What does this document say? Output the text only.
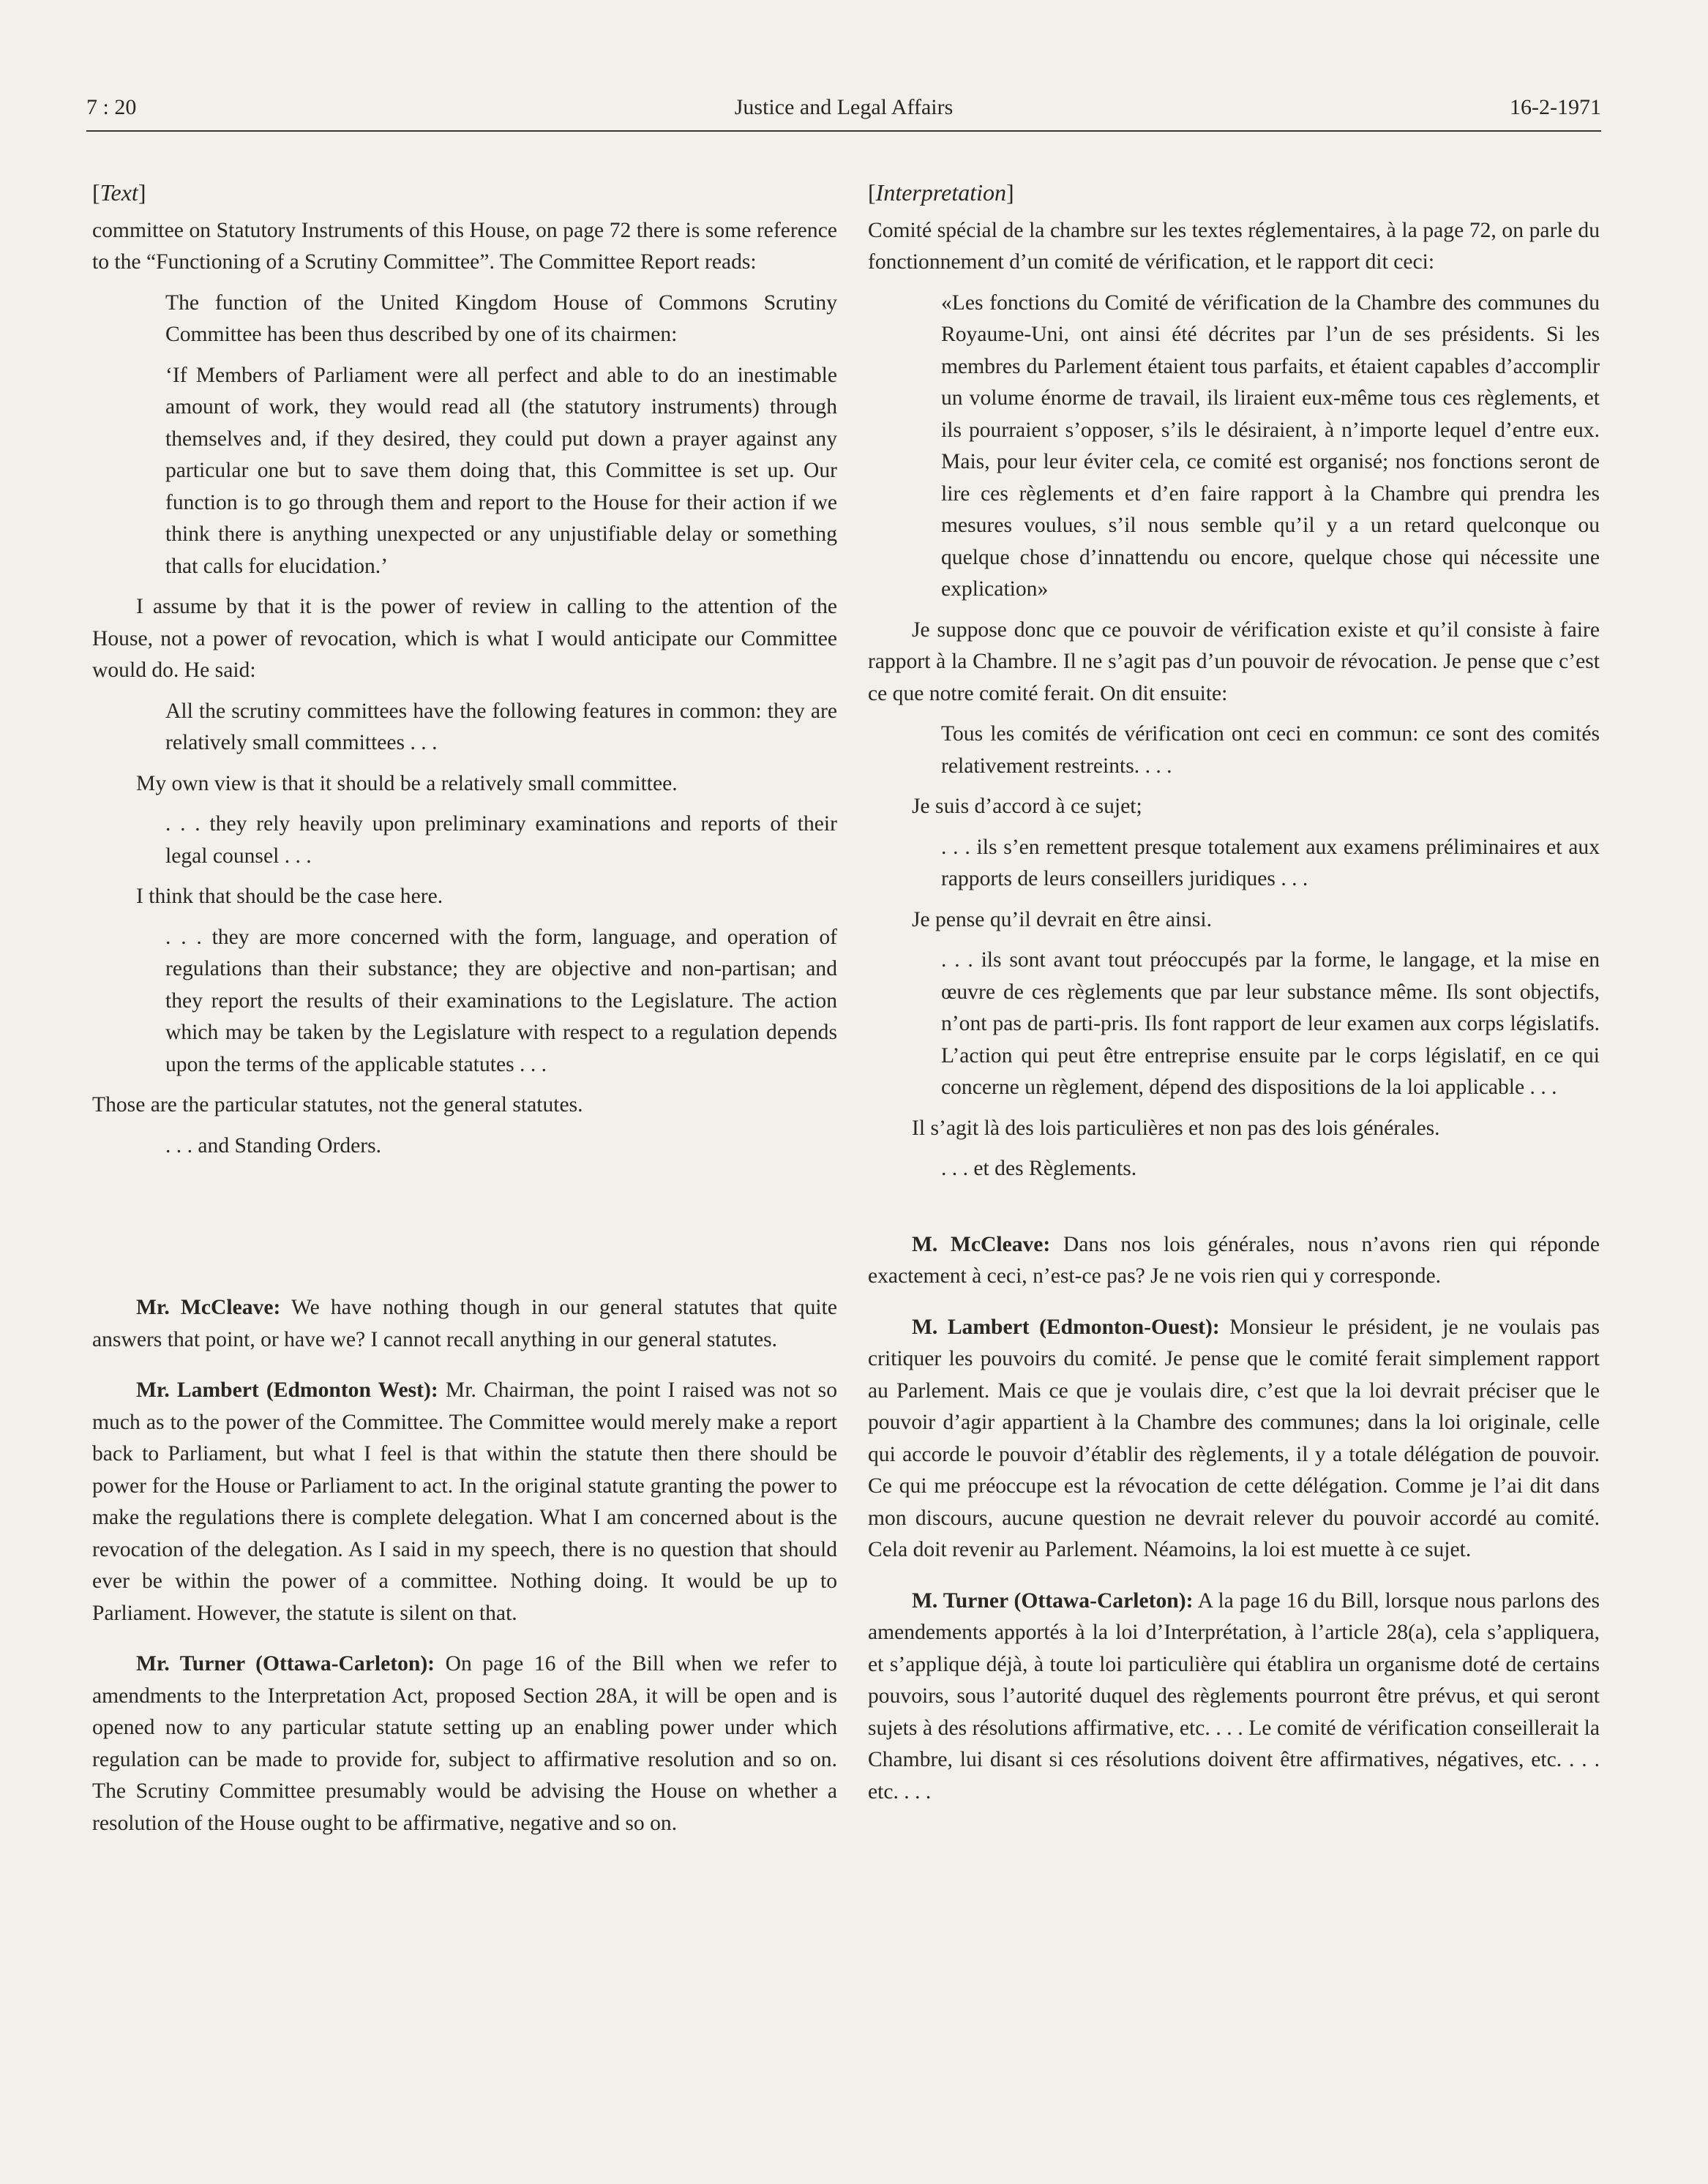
7 : 20	Justice and Legal Affairs	16-2-1971

[Text]

committee on Statutory Instruments of this House, on page 72 there is some reference to the “Functioning of a Scrutiny Committee”. The Committee Report reads:

The function of the United Kingdom House of Commons Scrutiny Committee has been thus described by one of its chairmen:

‘If Members of Parliament were all perfect and able to do an inestimable amount of work, they would read all (the statutory instruments) through themselves and, if they desired, they could put down a prayer against any particular one but to save them doing that, this Committee is set up. Our function is to go through them and report to the House for their action if we think there is anything unexpected or any unjustifiable delay or something that calls for elucidation.’

I assume by that it is the power of review in calling to the attention of the House, not a power of revocation, which is what I would anticipate our Committee would do. He said:

All the scrutiny committees have the following features in common: they are relatively small committees . . .

My own view is that it should be a relatively small committee.

. . . they rely heavily upon preliminary examinations and reports of their legal counsel . . .

I think that should be the case here.

. . . they are more concerned with the form, language, and operation of regulations than their substance; they are objective and non-partisan; and they report the results of their examinations to the Legislature. The action which may be taken by the Legislature with respect to a regulation depends upon the terms of the applicable statutes . . .

Those are the particular statutes, not the general statutes.

. . . and Standing Orders.

Mr. McCleave: We have nothing though in our general statutes that quite answers that point, or have we? I cannot recall anything in our general statutes.

Mr. Lambert (Edmonton West): Mr. Chairman, the point I raised was not so much as to the power of the Committee. The Committee would merely make a report back to Parliament, but what I feel is that within the statute then there should be power for the House or Parliament to act. In the original statute granting the power to make the regulations there is complete delegation. What I am concerned about is the revocation of the delegation. As I said in my speech, there is no question that should ever be within the power of a committee. Nothing doing. It would be up to Parliament. However, the statute is silent on that.

Mr. Turner (Ottawa-Carleton): On page 16 of the Bill when we refer to amendments to the Interpretation Act, proposed Section 28A, it will be open and is opened now to any particular statute setting up an enabling power under which regulation can be made to provide for, subject to affirmative resolution and so on. The Scrutiny Committee presumably would be advising the House on whether a resolution of the House ought to be affirmative, negative and so on.

[Interpretation]

Comité spécial de la chambre sur les textes réglementaires, à la page 72, on parle du fonctionnement d’un comité de vérification, et le rapport dit ceci:

«Les fonctions du Comité de vérification de la Chambre des communes du Royaume-Uni, ont ainsi été décrites par l’un de ses présidents. Si les membres du Parlement étaient tous parfaits, et étaient capables d’accomplir un volume énorme de travail, ils liraient eux-même tous ces règlements, et ils pourraient s’opposer, s’ils le désiraient, à n’importe lequel d’entre eux. Mais, pour leur éviter cela, ce comité est organisé; nos fonctions seront de lire ces règlements et d’en faire rapport à la Chambre qui prendra les mesures voulues, s’il nous semble qu’il y a un retard quelconque ou quelque chose d’innattendu ou encore, quelque chose qui nécessite une explication»

Je suppose donc que ce pouvoir de vérification existe et qu’il consiste à faire rapport à la Chambre. Il ne s’agit pas d’un pouvoir de révocation. Je pense que c’est ce que notre comité ferait. On dit ensuite:

Tous les comités de vérification ont ceci en commun: ce sont des comités relativement restreints. . . .

Je suis d’accord à ce sujet;

. . . ils s’en remettent presque totalement aux examens préliminaires et aux rapports de leurs conseillers juridiques . . .

Je pense qu’il devrait en être ainsi.

. . . ils sont avant tout préoccupés par la forme, le langage, et la mise en œuvre de ces règlements que par leur substance même. Ils sont objectifs, n’ont pas de parti-pris. Ils font rapport de leur examen aux corps législatifs. L’action qui peut être entreprise ensuite par le corps législatif, en ce qui concerne un règlement, dépend des dispositions de la loi applicable . . .

Il s’agit là des lois particulières et non pas des lois générales.

. . . et des Règlements.

M. McCleave: Dans nos lois générales, nous n’avons rien qui réponde exactement à ceci, n’est-ce pas? Je ne vois rien qui y corresponde.

M. Lambert (Edmonton-Ouest): Monsieur le président, je ne voulais pas critiquer les pouvoirs du comité. Je pense que le comité ferait simplement rapport au Parlement. Mais ce que je voulais dire, c’est que la loi devrait préciser que le pouvoir d’agir appartient à la Chambre des communes; dans la loi originale, celle qui accorde le pouvoir d’établir des règlements, il y a totale délégation de pouvoir. Ce qui me préoccupe est la révocation de cette délégation. Comme je l’ai dit dans mon discours, aucune question ne devrait relever du pouvoir accordé au comité. Cela doit revenir au Parlement. Néamoins, la loi est muette à ce sujet.

M. Turner (Ottawa-Carleton): A la page 16 du Bill, lorsque nous parlons des amendements apportés à la loi d’Interprétation, à l’article 28(a), cela s’appliquera, et s’applique déjà, à toute loi particulière qui établira un organisme doté de certains pouvoirs, sous l’autorité duquel des règlements pourront être prévus, et qui seront sujets à des résolutions affirmative, etc. . . . Le comité de vérification conseillerait la Chambre, lui disant si ces résolutions doivent être affirmatives, négatives, etc. . . . etc. . . .
